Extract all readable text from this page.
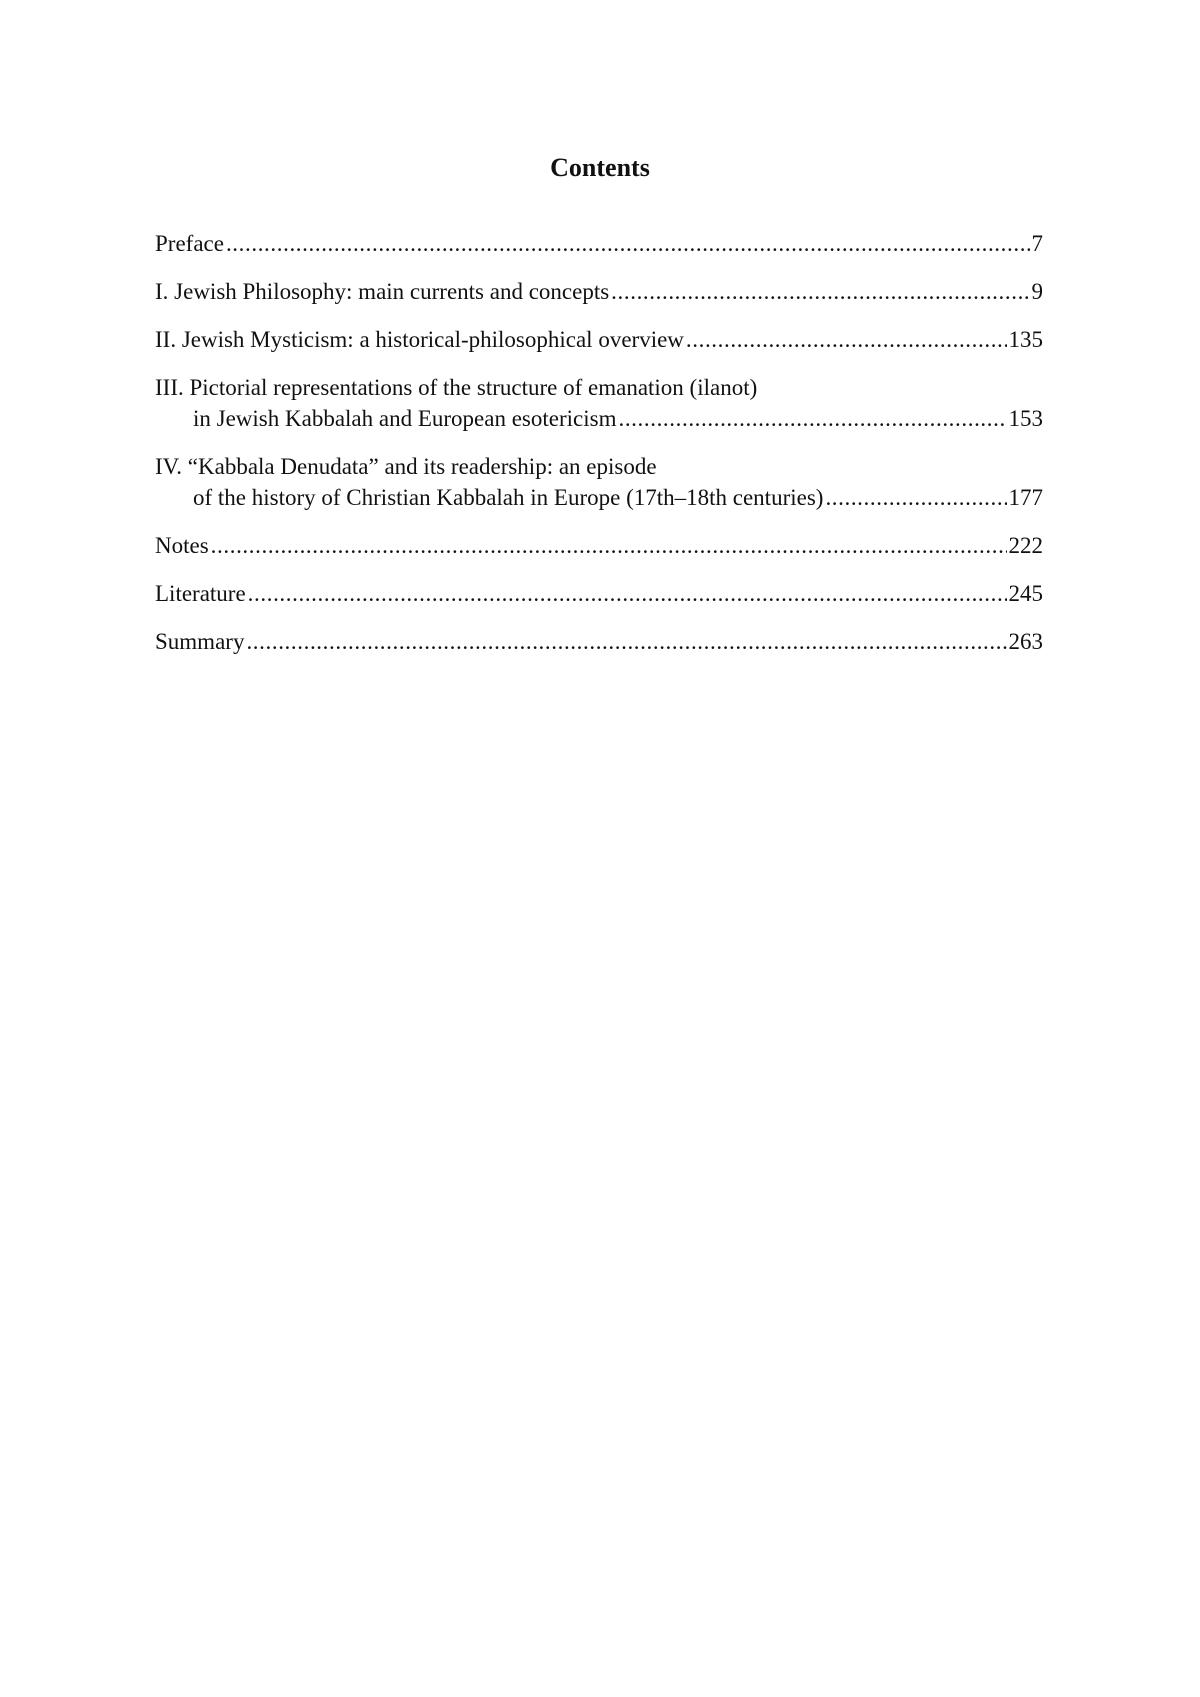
Contents
Preface .....	7
I. Jewish Philosophy: main currents and concepts .....	9
II. Jewish Mysticism: a historical-philosophical overview .....	135
III. Pictorial representations of the structure of emanation (ilanot)
in Jewish Kabbalah and European esotericism .....	153
IV. “Kabbala Denudata” and its readership: an episode
of the history of Christian Kabbalah in Europe (17th–18th centuries) .....	177
Notes .....	222
Literature .....	245
Summary .....	263
